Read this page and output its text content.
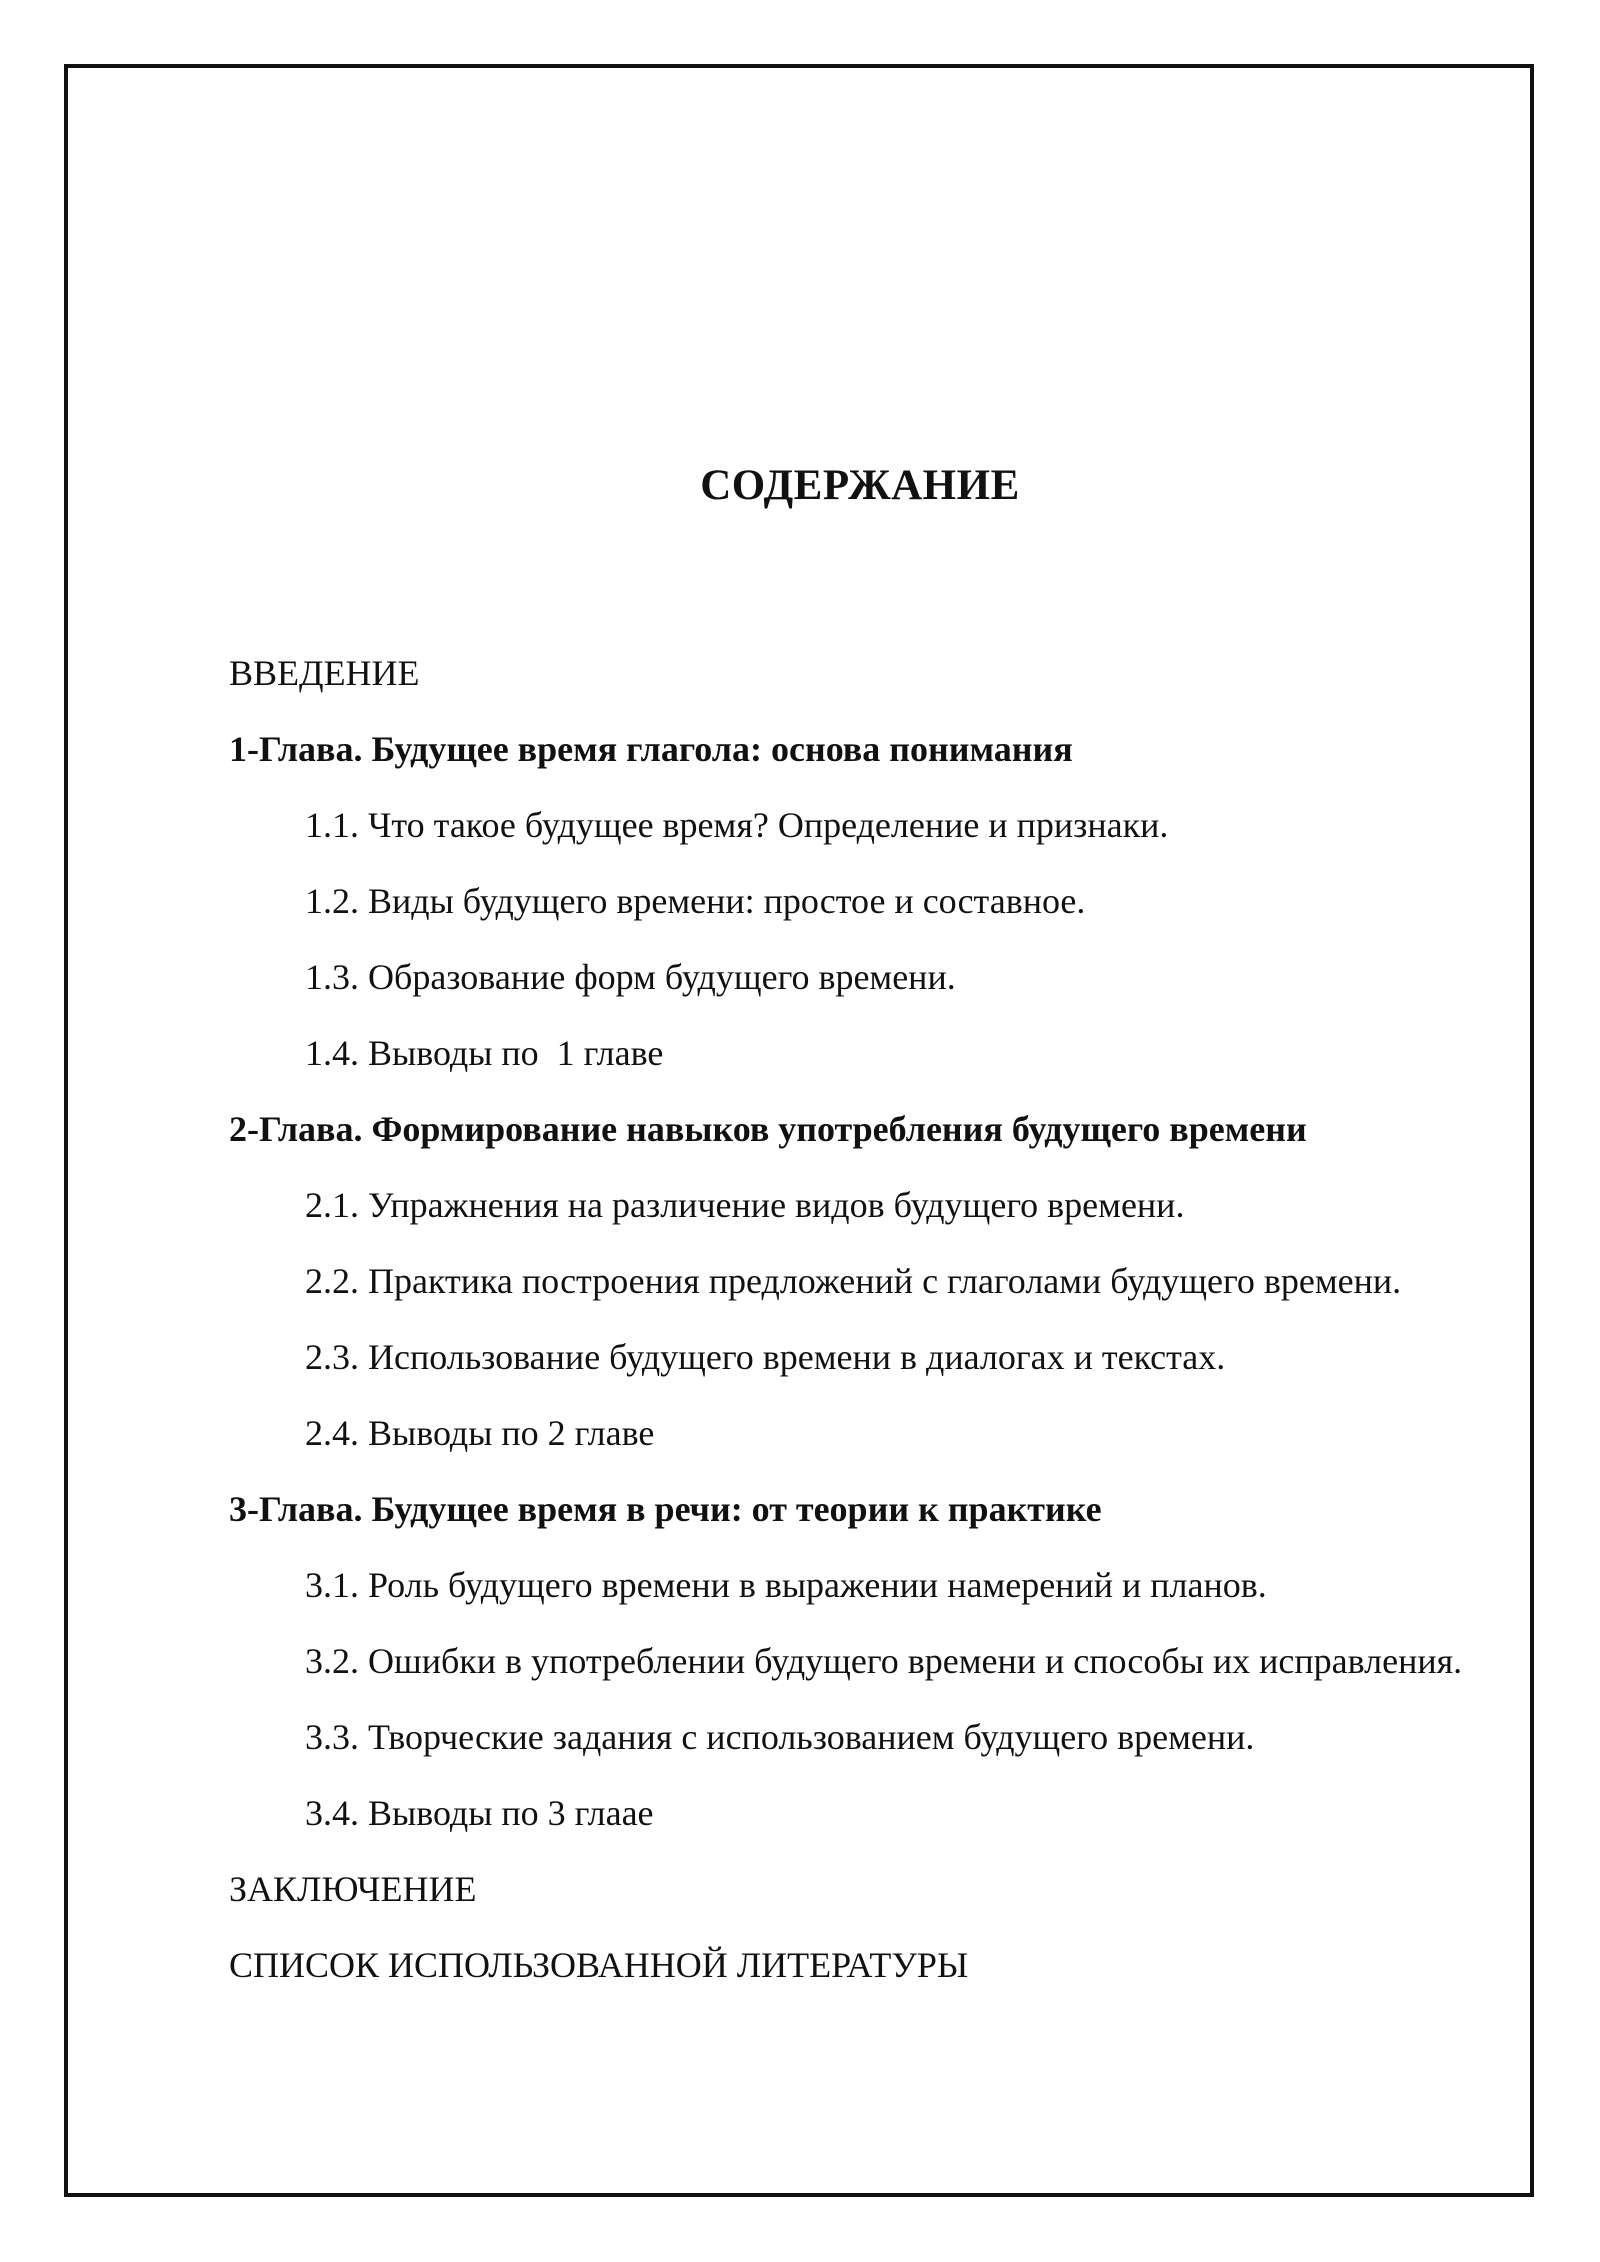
СОДЕРЖАНИЕ
ВВЕДЕНИЕ
1-Глава. Будущее время глагола: основа понимания
1.1. Что такое будущее время? Определение и признаки.
1.2. Виды будущего времени: простое и составное.
1.3. Образование форм будущего времени.
1.4. Выводы по  1 главе
2-Глава. Формирование навыков употребления будущего времени
2.1. Упражнения на различение видов будущего времени.
2.2. Практика построения предложений с глаголами будущего времени.
2.3. Использование будущего времени в диалогах и текстах.
2.4. Выводы по 2 главе
3-Глава. Будущее время в речи: от теории к практике
3.1. Роль будущего времени в выражении намерений и планов.
3.2. Ошибки в употреблении будущего времени и способы их исправления.
3.3. Творческие задания с использованием будущего времени.
3.4. Выводы по 3 глаае
ЗАКЛЮЧЕНИЕ
СПИСОК ИСПОЛЬЗОВАННОЙ ЛИТЕРАТУРЫ
